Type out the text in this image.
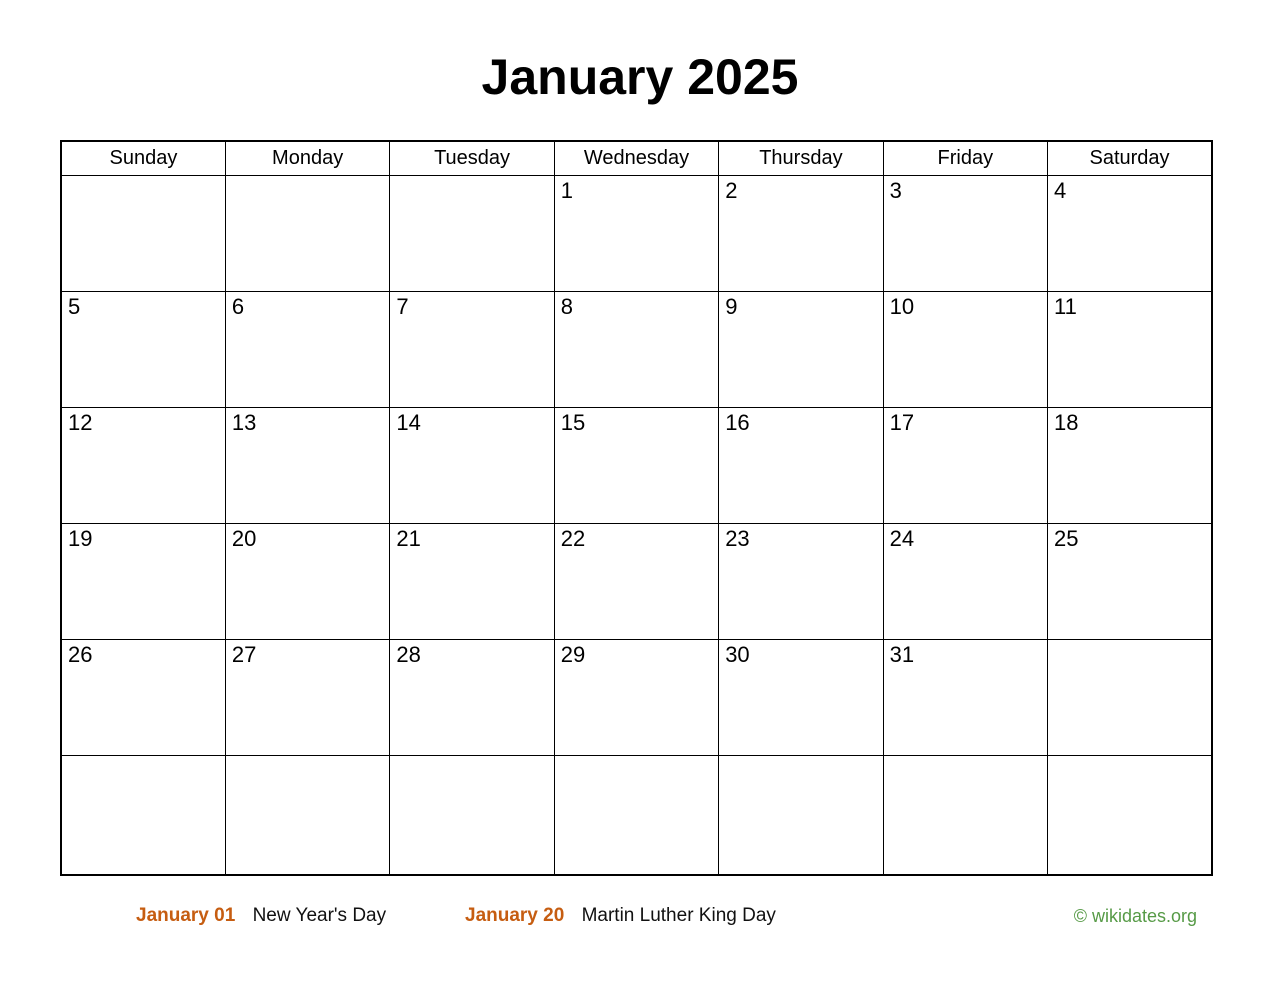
January 2025
Sunday	Monday	Tuesday	Wednesday	Thursday	Friday	Saturday
			1	2	3	4
5	6	7	8	9	10	11
12	13	14	15	16	17	18
19	20	21	22	23	24	25
26	27	28	29	30	31	

January 01 New Year's Day	January 20 Martin Luther King Day	© wikidates.org
